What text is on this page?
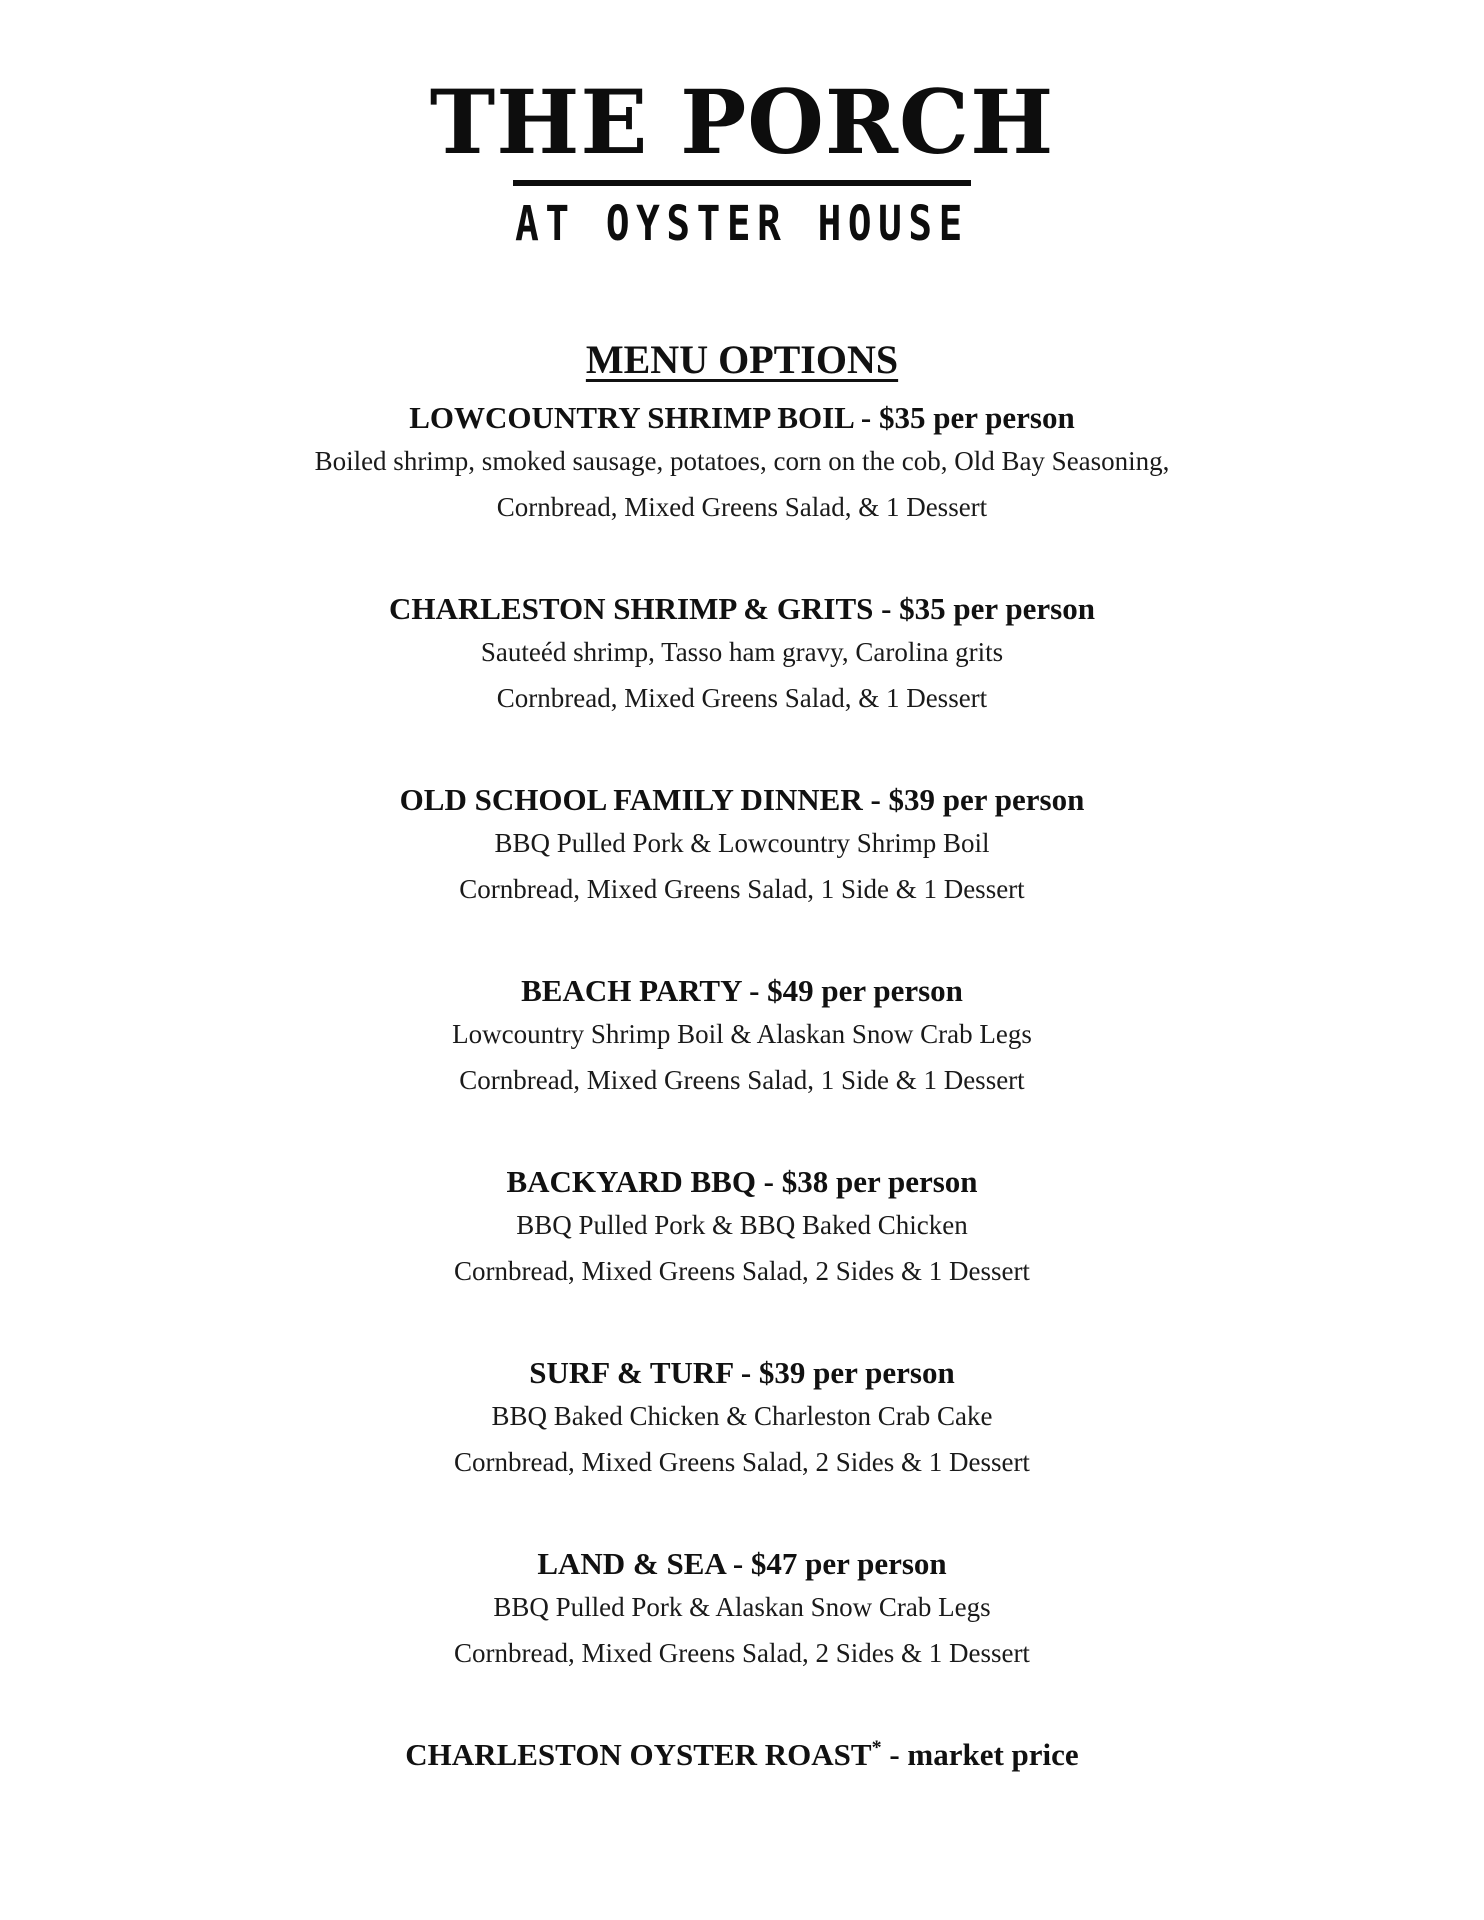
THE PORCH
AT OYSTER HOUSE
MENU OPTIONS
LOWCOUNTRY SHRIMP BOIL - $35 per person
Boiled shrimp, smoked sausage, potatoes, corn on the cob, Old Bay Seasoning,
Cornbread, Mixed Greens Salad, & 1 Dessert
CHARLESTON SHRIMP & GRITS - $35 per person
Sauteéd shrimp, Tasso ham gravy, Carolina grits
Cornbread, Mixed Greens Salad, & 1 Dessert
OLD SCHOOL FAMILY DINNER - $39 per person
BBQ Pulled Pork & Lowcountry Shrimp Boil
Cornbread, Mixed Greens Salad, 1 Side & 1 Dessert
BEACH PARTY - $49 per person
Lowcountry Shrimp Boil & Alaskan Snow Crab Legs
Cornbread, Mixed Greens Salad, 1 Side & 1 Dessert
BACKYARD BBQ - $38 per person
BBQ Pulled Pork & BBQ Baked Chicken
Cornbread, Mixed Greens Salad, 2 Sides & 1 Dessert
SURF & TURF - $39 per person
BBQ Baked Chicken & Charleston Crab Cake
Cornbread, Mixed Greens Salad, 2 Sides & 1 Dessert
LAND & SEA - $47 per person
BBQ Pulled Pork & Alaskan Snow Crab Legs
Cornbread, Mixed Greens Salad, 2 Sides & 1 Dessert
CHARLESTON OYSTER ROAST* - market price
